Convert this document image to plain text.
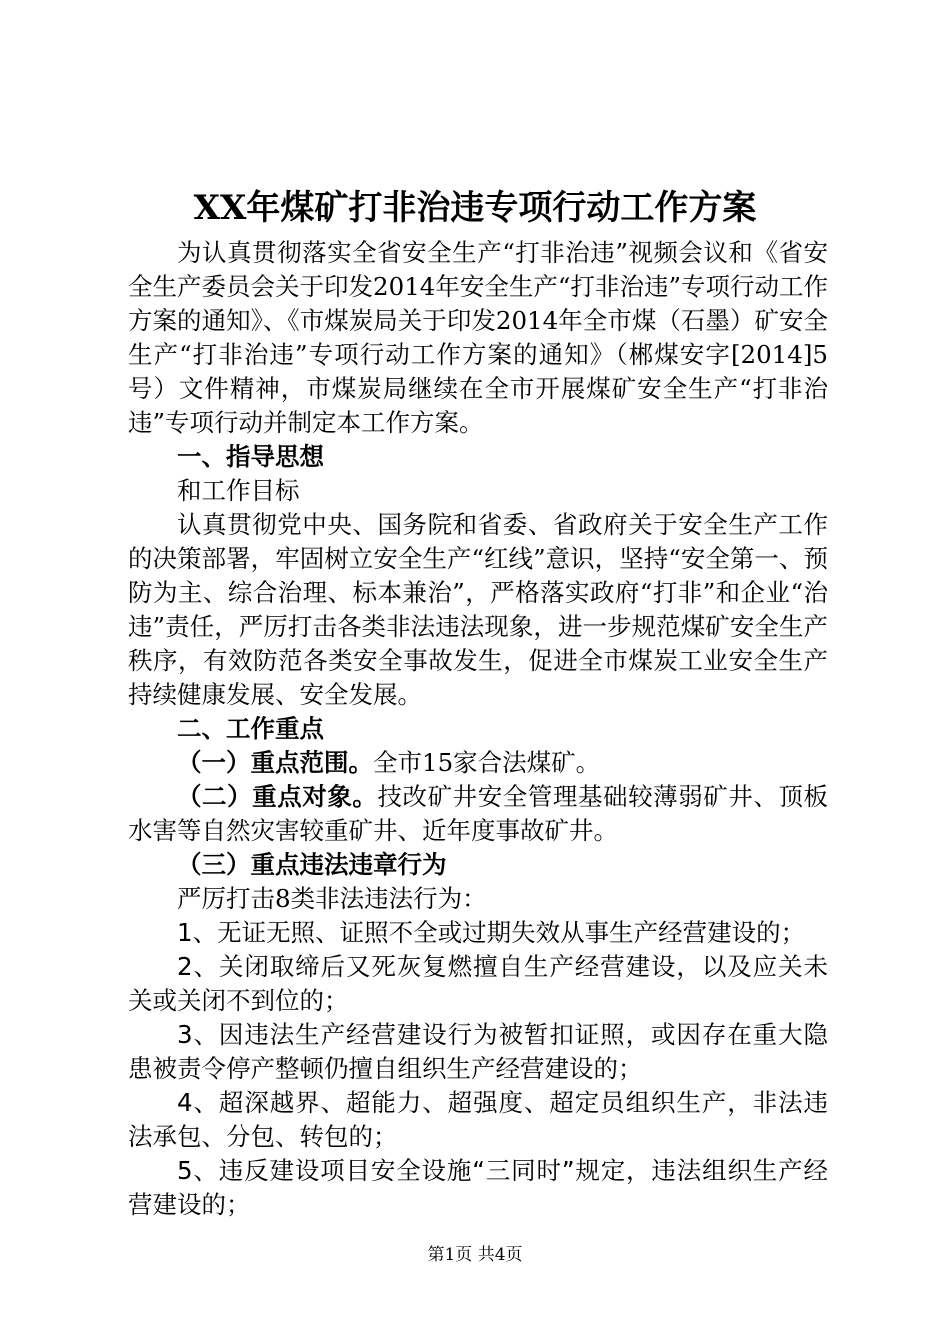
XX年煤矿打非治违专项行动工作方案

为认真贯彻落实全省安全生产“打非治违”视频会议和《省安全生产委员会关于印发2014年安全生产“打非治违”专项行动工作方案的通知》、《市煤炭局关于印发2014年全市煤（石墨）矿安全生产“打非治违”专项行动工作方案的通知》（郴煤安字[2014]5号）文件精神，市煤炭局继续在全市开展煤矿安全生产“打非治违”专项行动并制定本工作方案。

一、指导思想

和工作目标

认真贯彻党中央、国务院和省委、省政府关于安全生产工作的决策部署，牢固树立安全生产“红线”意识，坚持“安全第一、预防为主、综合治理、标本兼治”，严格落实政府“打非”和企业“治违”责任，严厉打击各类非法违法现象，进一步规范煤矿安全生产秩序，有效防范各类安全事故发生，促进全市煤炭工业安全生产持续健康发展、安全发展。

二、工作重点

（一）重点范围。全市15家合法煤矿。

（二）重点对象。技改矿井安全管理基础较薄弱矿井、顶板水害等自然灾害较重矿井、近年度事故矿井。

（三）重点违法违章行为

严厉打击8类非法违法行为：

1、无证无照、证照不全或过期失效从事生产经营建设的；

2、关闭取缔后又死灰复燃擅自生产经营建设，以及应关未关或关闭不到位的；

3、因违法生产经营建设行为被暂扣证照，或因存在重大隐患被责令停产整顿仍擅自组织生产经营建设的；

4、超深越界、超能力、超强度、超定员组织生产，非法违法承包、分包、转包的；

5、违反建设项目安全设施“三同时”规定，违法组织生产经营建设的；

第1页 共4页
